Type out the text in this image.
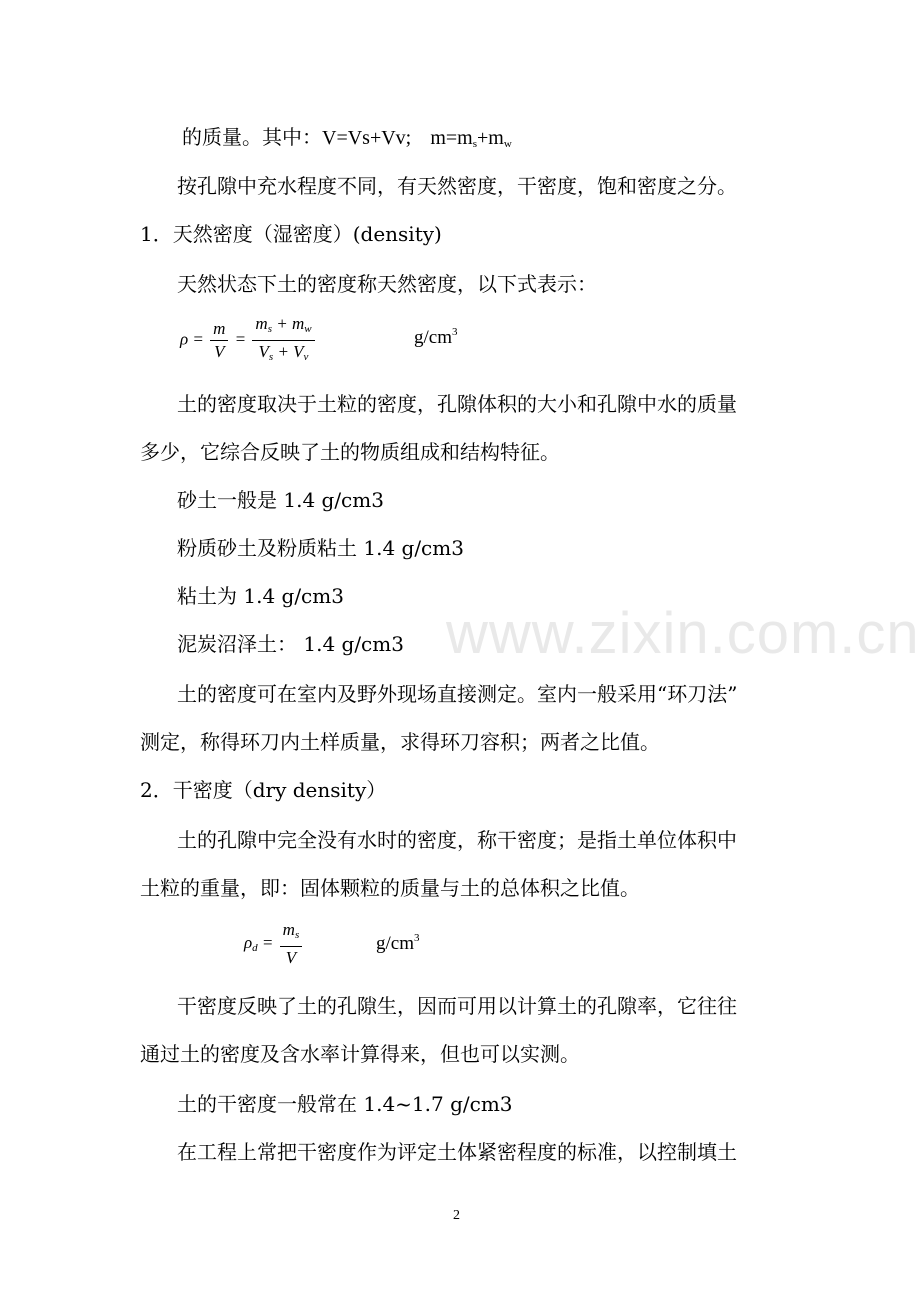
www.zixin.com.cn
的质量。其中：V=Vs+Vv; $m=m_s+m_w$
按孔隙中充水程度不同，有天然密度，干密度，饱和密度之分。
1．天然密度（湿密度）(density)
天然状态下土的密度称天然密度，以下式表示：
$\rho = \frac{m}{V} = \frac{m_s + m_w}{V_s + V_v}$	$g/cm^3$
土的密度取决于土粒的密度，孔隙体积的大小和孔隙中水的质量
多少，它综合反映了土的物质组成和结构特征。
砂土一般是 1.4 g/cm3
粉质砂土及粉质粘土 1.4 g/cm3
粘土为 1.4 g/cm3
泥炭沼泽土： 1.4 g/cm3
土的密度可在室内及野外现场直接测定。室内一般采用“环刀法”
测定，称得环刀内土样质量，求得环刀容积；两者之比值。
2．干密度（dry density）
土的孔隙中完全没有水时的密度，称干密度；是指土单位体积中
土粒的重量，即：固体颗粒的质量与土的总体积之比值。
$\rho_d = \frac{m_s}{V}$	$g/cm^3$
干密度反映了土的孔隙生，因而可用以计算土的孔隙率，它往往
通过土的密度及含水率计算得来，但也可以实测。
土的干密度一般常在 1.4~1.7 g/cm3
在工程上常把干密度作为评定土体紧密程度的标准，以控制填土
2
